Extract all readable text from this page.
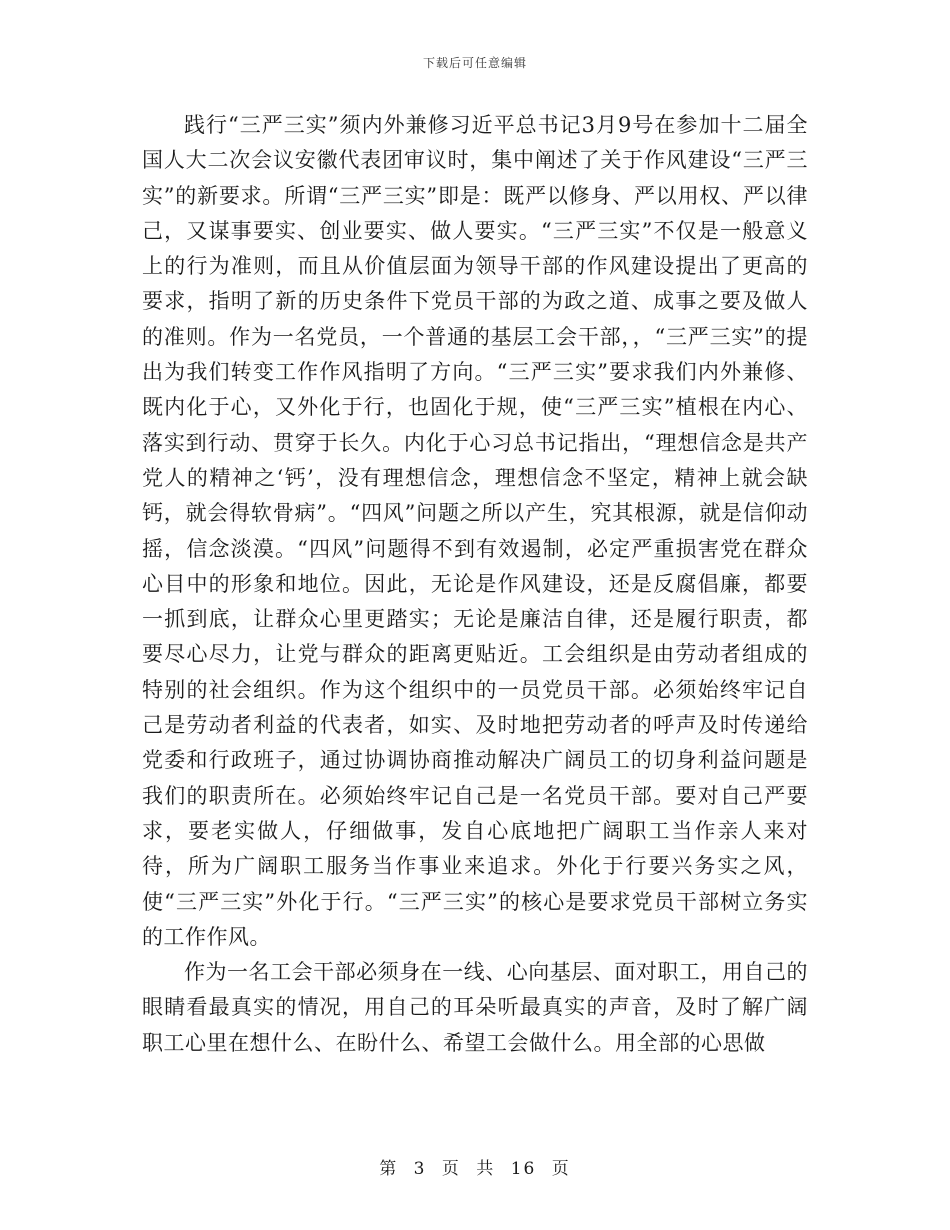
下载后可任意编辑

践行“三严三实”须内外兼修习近平总书记3月9号在参加十二届全国人大二次会议安徽代表团审议时，集中阐述了关于作风建设“三严三实”的新要求。所谓“三严三实”即是：既严以修身、严以用权、严以律己，又谋事要实、创业要实、做人要实。“三严三实”不仅是一般意义上的行为准则，而且从价值层面为领导干部的作风建设提出了更高的要求，指明了新的历史条件下党员干部的为政之道、成事之要及做人的准则。作为一名党员，一个普通的基层工会干部，，“三严三实”的提出为我们转变工作作风指明了方向。“三严三实”要求我们内外兼修、既内化于心，又外化于行，也固化于规，使“三严三实”植根在内心、落实到行动、贯穿于长久。内化于心习总书记指出，“理想信念是共产党人的精神之‘钙’，没有理想信念，理想信念不坚定，精神上就会缺钙，就会得软骨病”。“四风”问题之所以产生，究其根源，就是信仰动摇，信念淡漠。“四风”问题得不到有效遏制，必定严重损害党在群众心目中的形象和地位。因此，无论是作风建设，还是反腐倡廉，都要一抓到底，让群众心里更踏实；无论是廉洁自律，还是履行职责，都要尽心尽力，让党与群众的距离更贴近。工会组织是由劳动者组成的特别的社会组织。作为这个组织中的一员党员干部。必须始终牢记自己是劳动者利益的代表者，如实、及时地把劳动者的呼声及时传递给党委和行政班子，通过协调协商推动解决广阔员工的切身利益问题是我们的职责所在。必须始终牢记自己是一名党员干部。要对自己严要求，要老实做人，仔细做事，发自心底地把广阔职工当作亲人来对待，所为广阔职工服务当作事业来追求。外化于行要兴务实之风，使“三严三实”外化于行。“三严三实”的核心是要求党员干部树立务实的工作作风。

作为一名工会干部必须身在一线、心向基层、面对职工，用自己的眼睛看最真实的情况，用自己的耳朵听最真实的声音，及时了解广阔职工心里在想什么、在盼什么、希望工会做什么。用全部的心思做

第 3 页 共 16 页
